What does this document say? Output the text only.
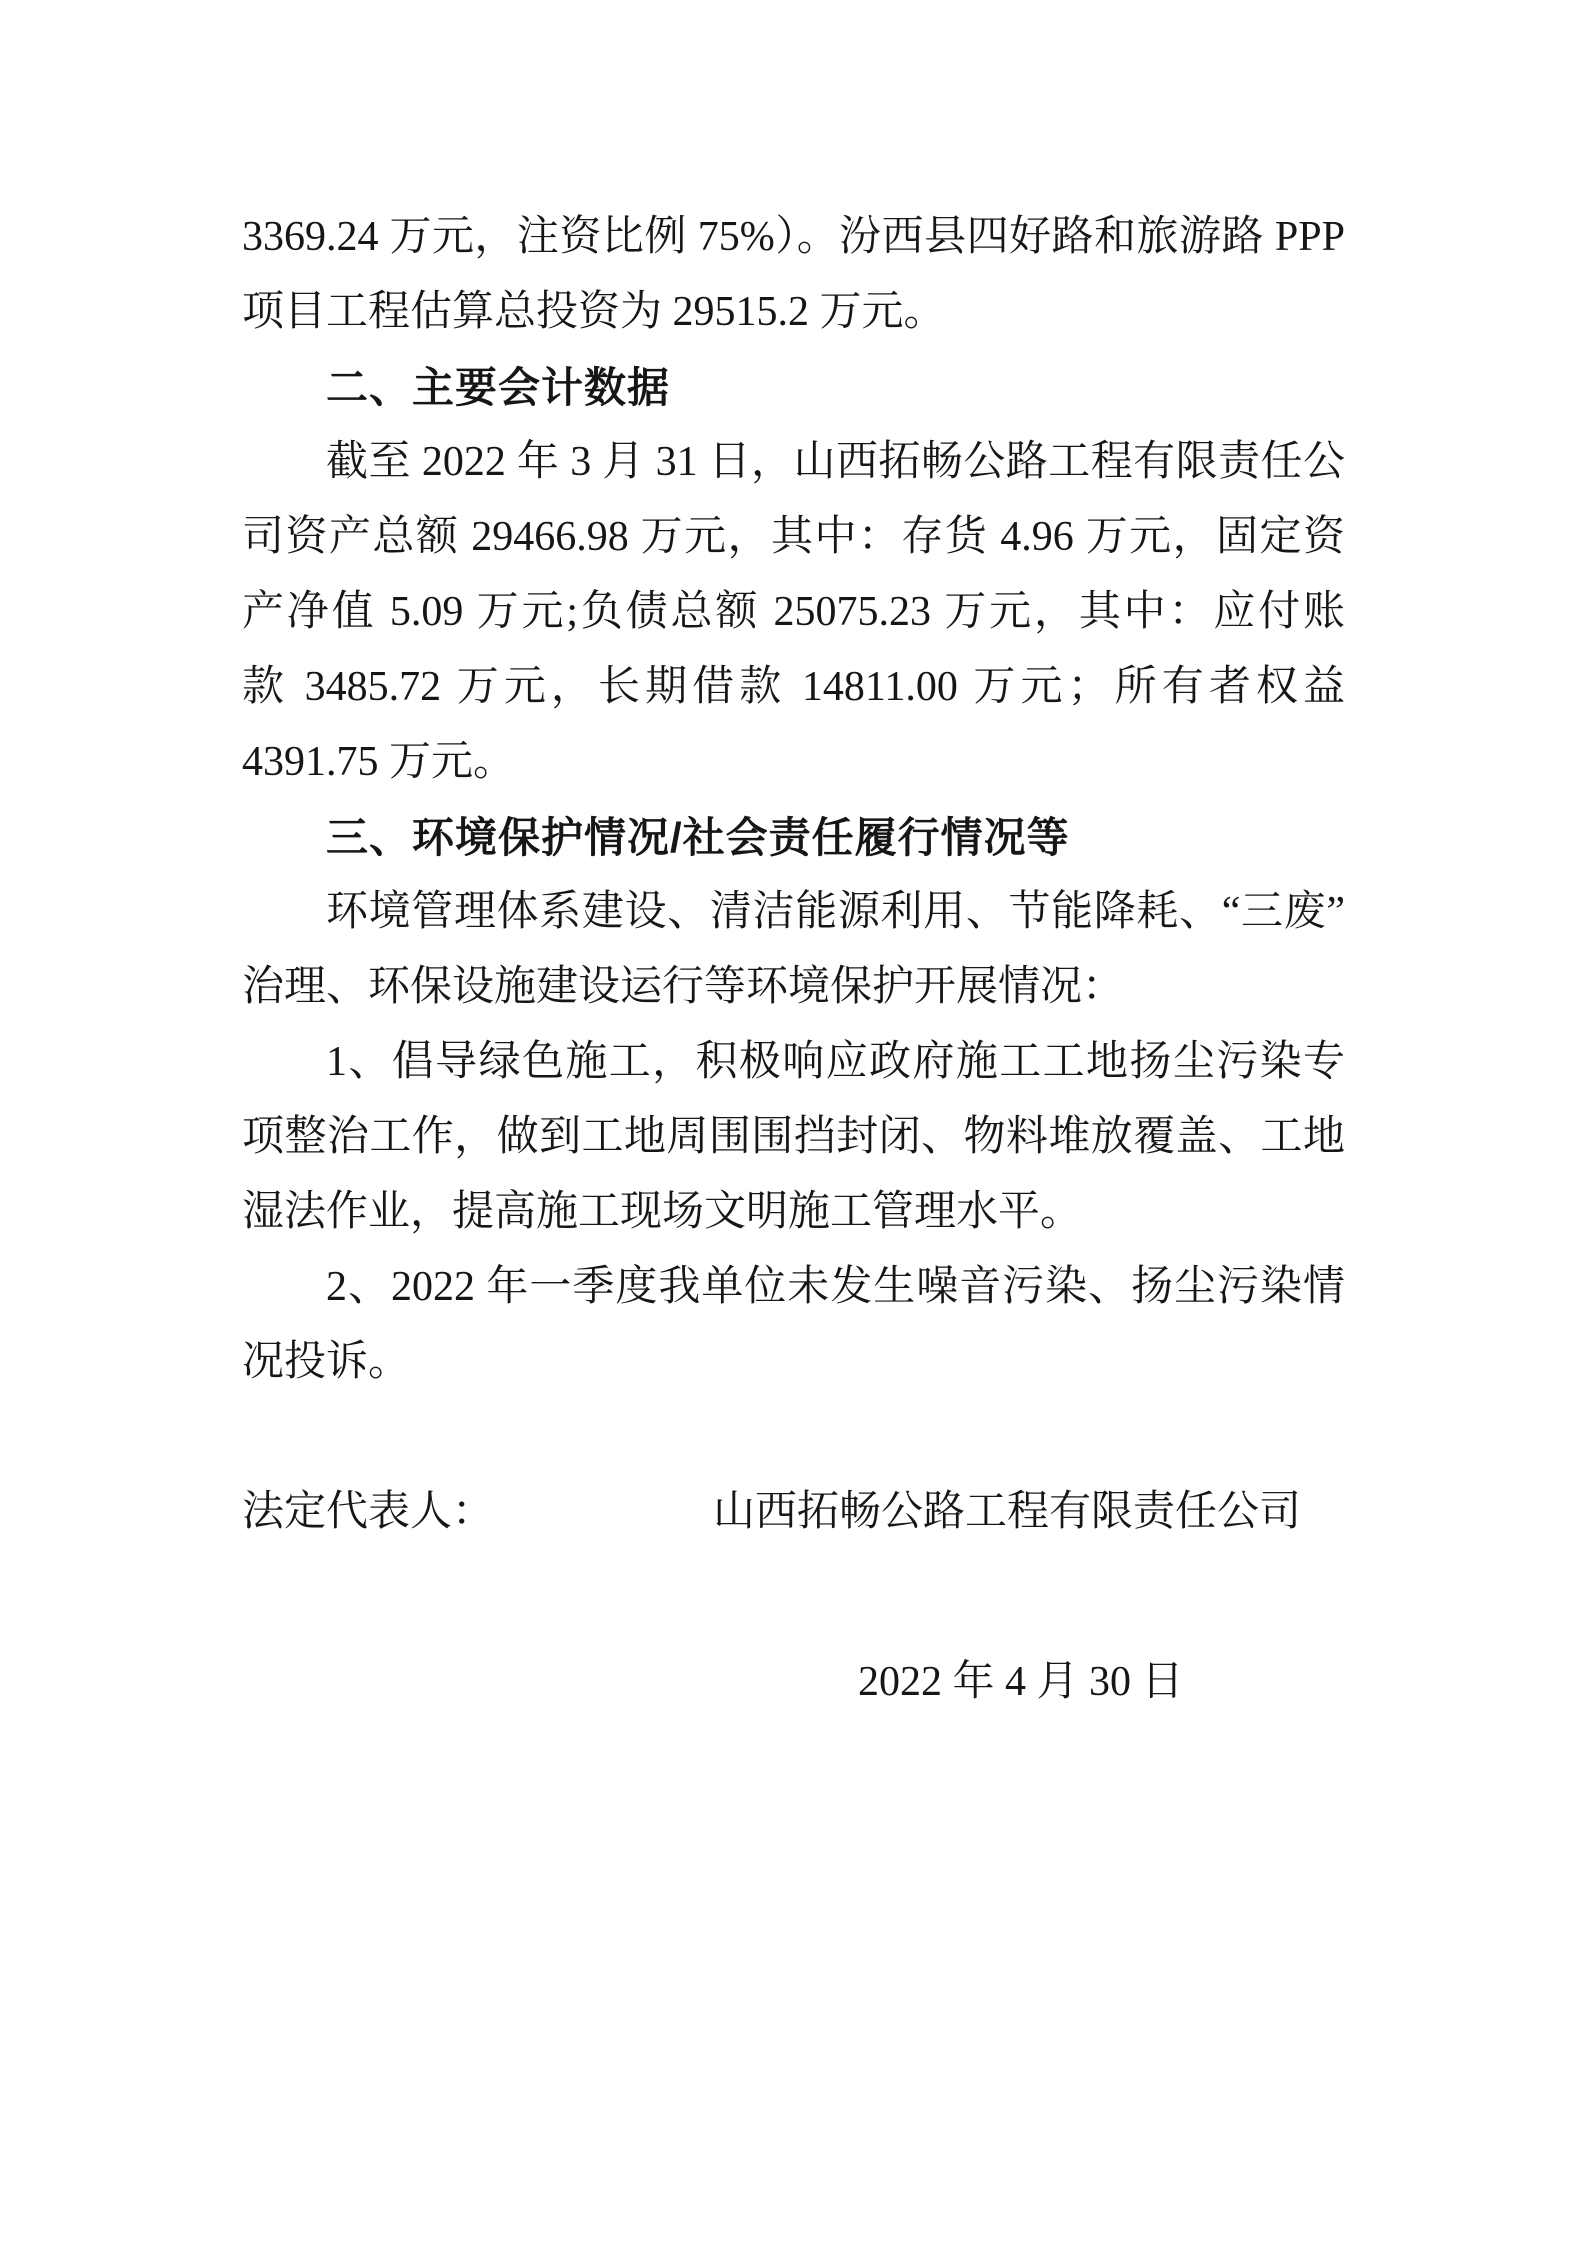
3369.24 万元，注资比例 75%）。汾西县四好路和旅游路 PPP
项目工程估算总投资为 29515.2 万元。
二、主要会计数据
截至 2022 年 3 月 31 日，山西拓畅公路工程有限责任公
司资产总额 29466.98 万元，其中：存货 4.96 万元，固定资
产净值 5.09 万元;负债总额 25075.23 万元，其中：应付账
款 3485.72 万元，长期借款 14811.00 万元；所有者权益
4391.75 万元。
三、环境保护情况/社会责任履行情况等
环境管理体系建设、清洁能源利用、节能降耗、“三废”
治理、环保设施建设运行等环境保护开展情况：
1、倡导绿色施工，积极响应政府施工工地扬尘污染专
项整治工作，做到工地周围围挡封闭、物料堆放覆盖、工地
湿法作业，提高施工现场文明施工管理水平。
2、2022 年一季度我单位未发生噪音污染、扬尘污染情
况投诉。
法定代表人：	山西拓畅公路工程有限责任公司
2022 年 4 月 30 日
